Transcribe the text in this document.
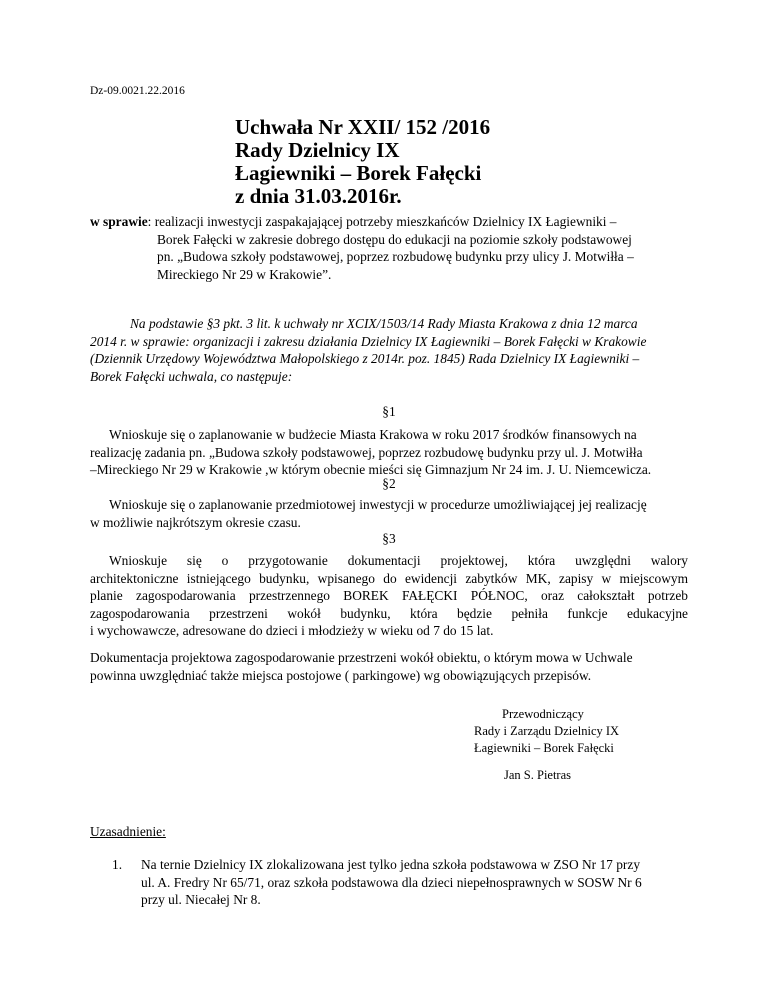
Dz-09.0021.22.2016
Uchwała Nr XXII/ 152 /2016
Rady Dzielnicy IX
Łagiewniki – Borek Fałęcki
z dnia 31.03.2016r.
w sprawie: realizacji inwestycji zaspakajającej potrzeby mieszkańców Dzielnicy IX Łagiewniki –
Borek Fałęcki w zakresie dobrego dostępu do edukacji na poziomie szkoły podstawowej
pn. „Budowa szkoły podstawowej, poprzez rozbudowę budynku przy ulicy J. Motwiłła –
Mireckiego Nr 29 w Krakowie”.
Na podstawie §3 pkt. 3 lit. k uchwały nr XCIX/1503/14 Rady Miasta Krakowa z dnia 12 marca
2014 r. w sprawie: organizacji i zakresu działania Dzielnicy IX Łagiewniki – Borek Fałęcki w Krakowie
(Dziennik Urzędowy Województwa Małopolskiego z 2014r. poz. 1845) Rada Dzielnicy IX Łagiewniki –
Borek Fałęcki uchwala, co następuje:
§1
Wnioskuje się o zaplanowanie w budżecie Miasta Krakowa w roku 2017 środków finansowych na
realizację zadania pn. „Budowa szkoły podstawowej, poprzez rozbudowę budynku przy ul. J. Motwiłła
–Mireckiego Nr 29 w Krakowie ,w którym obecnie mieści się Gimnazjum Nr 24 im. J. U. Niemcewicza.
§2
Wnioskuje się o zaplanowanie przedmiotowej inwestycji w procedurze umożliwiającej jej realizację
w możliwie najkrótszym okresie czasu.
§3
Wnioskuje się o przygotowanie dokumentacji projektowej, która uwzględni walory
architektoniczne istniejącego budynku, wpisanego do ewidencji zabytków MK, zapisy w miejscowym
planie zagospodarowania przestrzennego BOREK FAŁĘCKI PÓŁNOC, oraz całokształt potrzeb
zagospodarowania przestrzeni wokół budynku, która będzie pełniła funkcje edukacyjne
i wychowawcze, adresowane do dzieci i młodzieży w wieku od 7 do 15 lat.
Dokumentacja projektowa zagospodarowanie przestrzeni wokół obiektu, o którym mowa w Uchwale
powinna uwzględniać także miejsca postojowe ( parkingowe) wg obowiązujących przepisów.
Przewodniczący
Rady i Zarządu Dzielnicy IX
Łagiewniki – Borek Fałęcki
Jan S. Pietras
Uzasadnienie:
1. Na ternie Dzielnicy IX zlokalizowana jest tylko jedna szkoła podstawowa w ZSO Nr 17 przy
ul. A. Fredry Nr 65/71, oraz szkoła podstawowa dla dzieci niepełnosprawnych w SOSW Nr 6
przy ul. Niecałej Nr 8.
